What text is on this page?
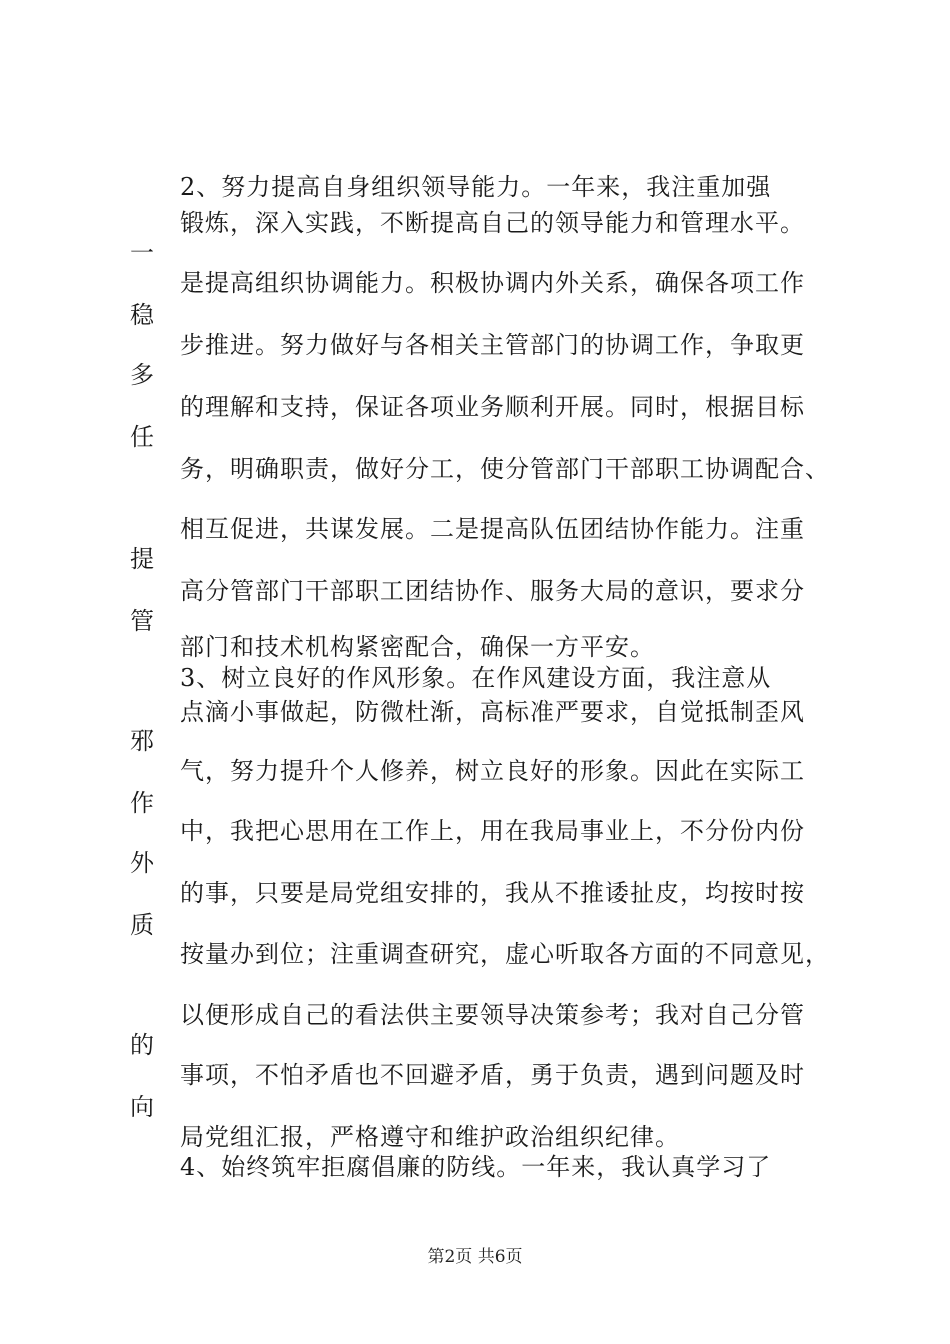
2、努力提高自身组织领导能力。一年来，我注重加强
锻炼，深入实践，不断提高自己的领导能力和管理水平。
是提高组织协调能力。积极协调内外关系，确保各项工作
步推进。努力做好与各相关主管部门的协调工作，争取更
的理解和支持，保证各项业务顺利开展。同时，根据目标
务，明确职责，做好分工，使分管部门干部职工协调配合、
相互促进，共谋发展。二是提高队伍团结协作能力。注重
高分管部门干部职工团结协作、服务大局的意识，要求分
部门和技术机构紧密配合，确保一方平安。
3、树立良好的作风形象。在作风建设方面，我注意从
点滴小事做起，防微杜渐，高标准严要求，自觉抵制歪风
气，努力提升个人修养，树立良好的形象。因此在实际工
中，我把心思用在工作上，用在我局事业上，不分份内份
的事，只要是局党组安排的，我从不推诿扯皮，均按时按
按量办到位；注重调查研究，虚心听取各方面的不同意见，
以便形成自己的看法供主要领导决策参考；我对自己分管
事项，不怕矛盾也不回避矛盾，勇于负责，遇到问题及时
局党组汇报，严格遵守和维护政治组织纪律。
4、始终筑牢拒腐倡廉的防线。一年来，我认真学习了
一
稳
多
任
提
管
邪
作
外
质
的
向
第2页 共6页
